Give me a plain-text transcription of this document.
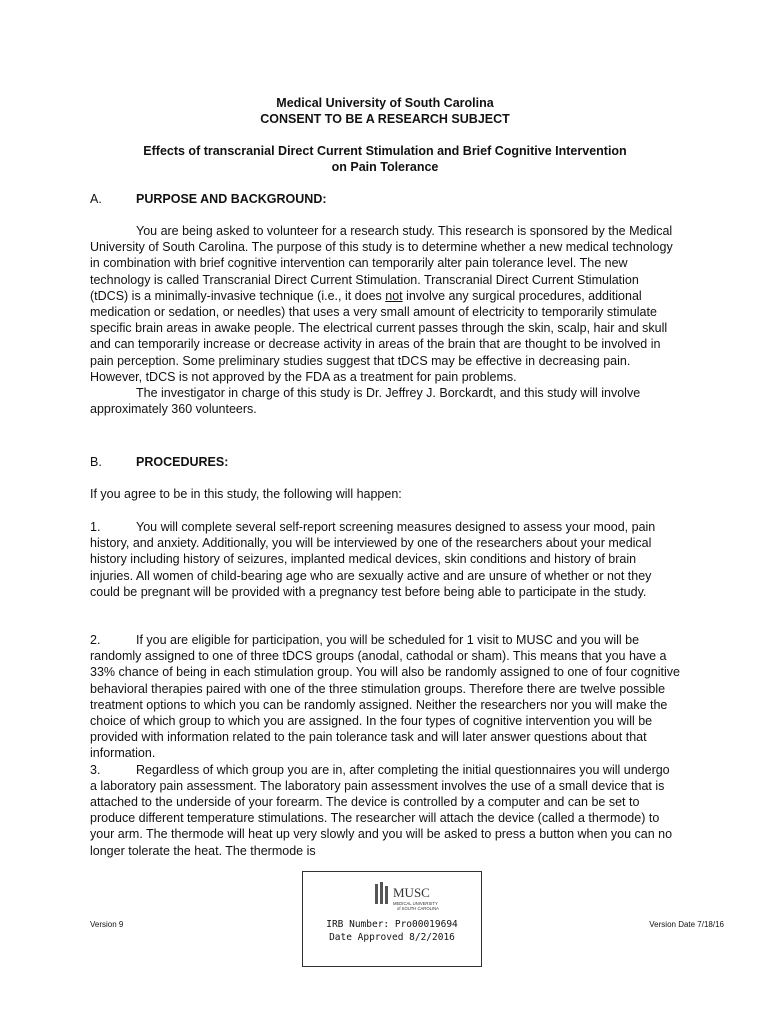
Medical University of South Carolina
CONSENT TO BE A RESEARCH SUBJECT
Effects of transcranial Direct Current Stimulation and Brief Cognitive Intervention
on Pain Tolerance
A.	PURPOSE AND BACKGROUND:

You are being asked to volunteer for a research study. This research is sponsored by the Medical University of South Carolina. The purpose of this study is to determine whether a new medical technology in combination with brief cognitive intervention can temporarily alter pain tolerance level. The new technology is called Transcranial Direct Current Stimulation. Transcranial Direct Current Stimulation (tDCS) is a minimally-invasive technique (i.e., it does not involve any surgical procedures, additional medication or sedation, or needles) that uses a very small amount of electricity to temporarily stimulate specific brain areas in awake people. The electrical current passes through the skin, scalp, hair and skull and can temporarily increase or decrease activity in areas of the brain that are thought to be involved in pain perception. Some preliminary studies suggest that tDCS may be effective in decreasing pain. However, tDCS is not approved by the FDA as a treatment for pain problems.

The investigator in charge of this study is Dr. Jeffrey J. Borckardt, and this study will involve approximately 360 volunteers.

B.	PROCEDURES:
If you agree to be in this study, the following will happen:

1.	You will complete several self-report screening measures designed to assess your mood, pain history, and anxiety. Additionally, you will be interviewed by one of the researchers about your medical history including history of seizures, implanted medical devices, skin conditions and history of brain injuries. All women of child-bearing age who are sexually active and are unsure of whether or not they could be pregnant will be provided with a pregnancy test before being able to participate in the study.

2.	If you are eligible for participation, you will be scheduled for 1 visit to MUSC and you will be randomly assigned to one of three tDCS groups (anodal, cathodal or sham). This means that you have a 33% chance of being in each stimulation group. You will also be randomly assigned to one of four cognitive behavioral therapies paired with one of the three stimulation groups. Therefore there are twelve possible treatment options to which you can be randomly assigned. Neither the researchers nor you will make the choice of which group to which you are assigned. In the four types of cognitive intervention you will be provided with information related to the pain tolerance task and will later answer questions about that information.

3.	Regardless of which group you are in, after completing the initial questionnaires you will undergo a laboratory pain assessment. The laboratory pain assessment involves the use of a small device that is attached to the underside of your forearm. The device is controlled by a computer and can be set to produce different temperature stimulations. The researcher will attach the device (called a thermode) to your arm. The thermode will heat up very slowly and you will be asked to press a button when you can no longer tolerate the heat. The thermode is

Version 9	Version Date 7/18/16
MUSC
MEDICAL UNIVERSITY
of SOUTH CAROLINA
IRB Number: Pro00019694
Date Approved 8/2/2016
